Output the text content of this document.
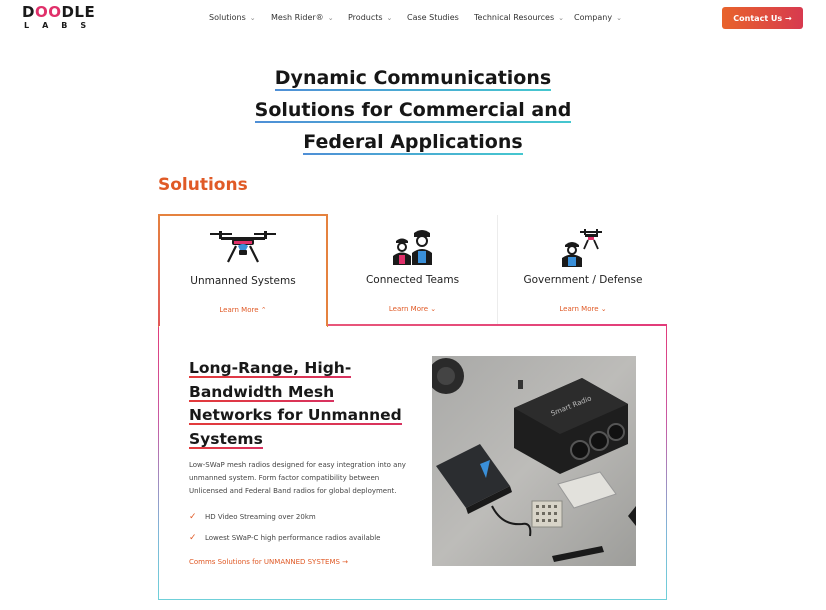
DOODLE
LABS
Solutions ⌄ Mesh Rider® ⌄ Products ⌄ Case Studies Technical Resources ⌄ Company ⌄	Contact Us →
Dynamic Communications
Solutions for Commercial and
Federal Applications
Solutions
Unmanned Systems
Learn More ⌃
Connected Teams
Learn More ⌄
Government / Defense
Learn More ⌄
Long-Range, High-
Bandwidth Mesh
Networks for Unmanned
Systems
Low-SWaP mesh radios designed for easy integration into any unmanned system. Form factor compatibility between Unlicensed and Federal Band radios for global deployment.
✓	HD Video Streaming over 20km
✓	Lowest SWaP-C high performance radios available
Comms Solutions for UNMANNED SYSTEMS →
Smart Radio
